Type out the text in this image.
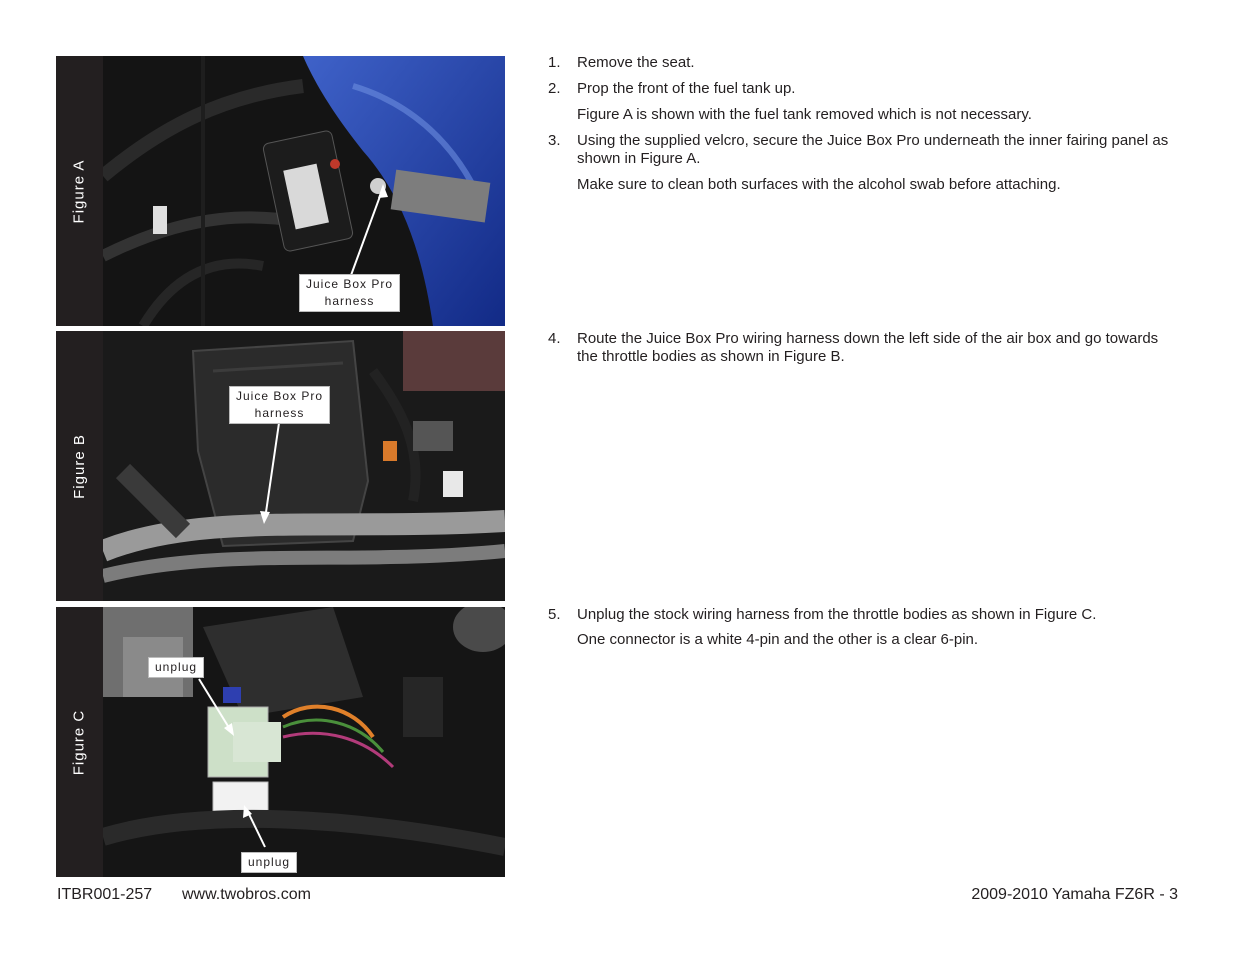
Figure A
Juice Box Pro
harness
Figure B
Juice Box Pro
harness
Figure C
unplug
unplug

1. Remove the seat.

2. Prop the front of the fuel tank up.

Figure A is shown with the fuel tank removed which is not necessary.

3. Using the supplied velcro, secure the Juice Box Pro underneath the inner fairing panel as shown in Figure A.

Make sure to clean both surfaces with the alcohol swab before attaching.

4. Route the Juice Box Pro wiring harness down the left side of the air box and go towards the throttle bodies as shown in Figure B.

5. Unplug the stock wiring harness from the throttle bodies as shown in Figure C.

One connector is a white 4-pin and the other is a clear 6-pin.

ITBR001-257 www.twobros.com	2009-2010 Yamaha FZ6R - 3
